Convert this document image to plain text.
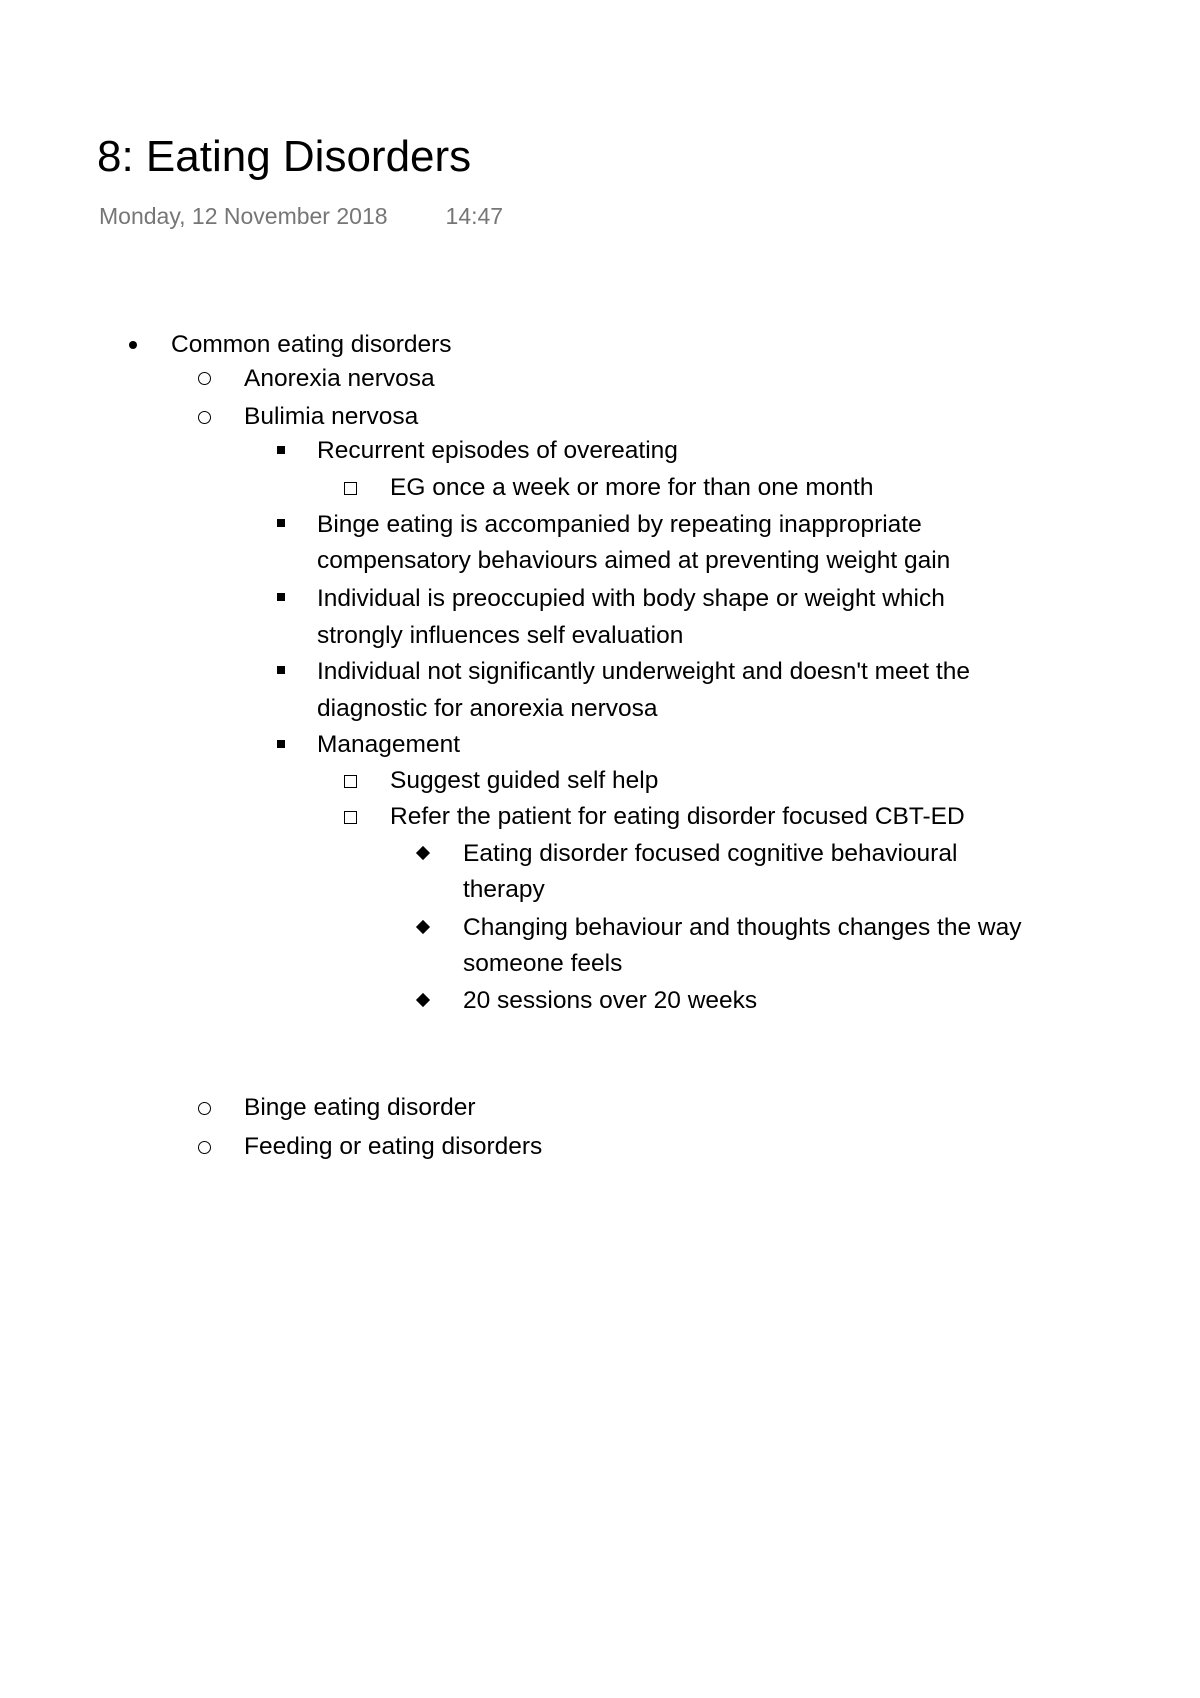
8: Eating Disorders
Monday, 12 November 2018	14:47
Common eating disorders
Anorexia nervosa
Bulimia nervosa
Recurrent episodes of overeating
EG once a week or more for than one month
Binge eating is accompanied by repeating inappropriate
compensatory behaviours aimed at preventing weight gain
Individual is preoccupied with body shape or weight which
strongly influences self evaluation
Individual not significantly underweight and doesn't meet the
diagnostic for anorexia nervosa
Management
Suggest guided self help
Refer the patient for eating disorder focused CBT-ED
Eating disorder focused cognitive behavioural
therapy
Changing behaviour and thoughts changes the way
someone feels
20 sessions over 20 weeks
Binge eating disorder
Feeding or eating disorders
